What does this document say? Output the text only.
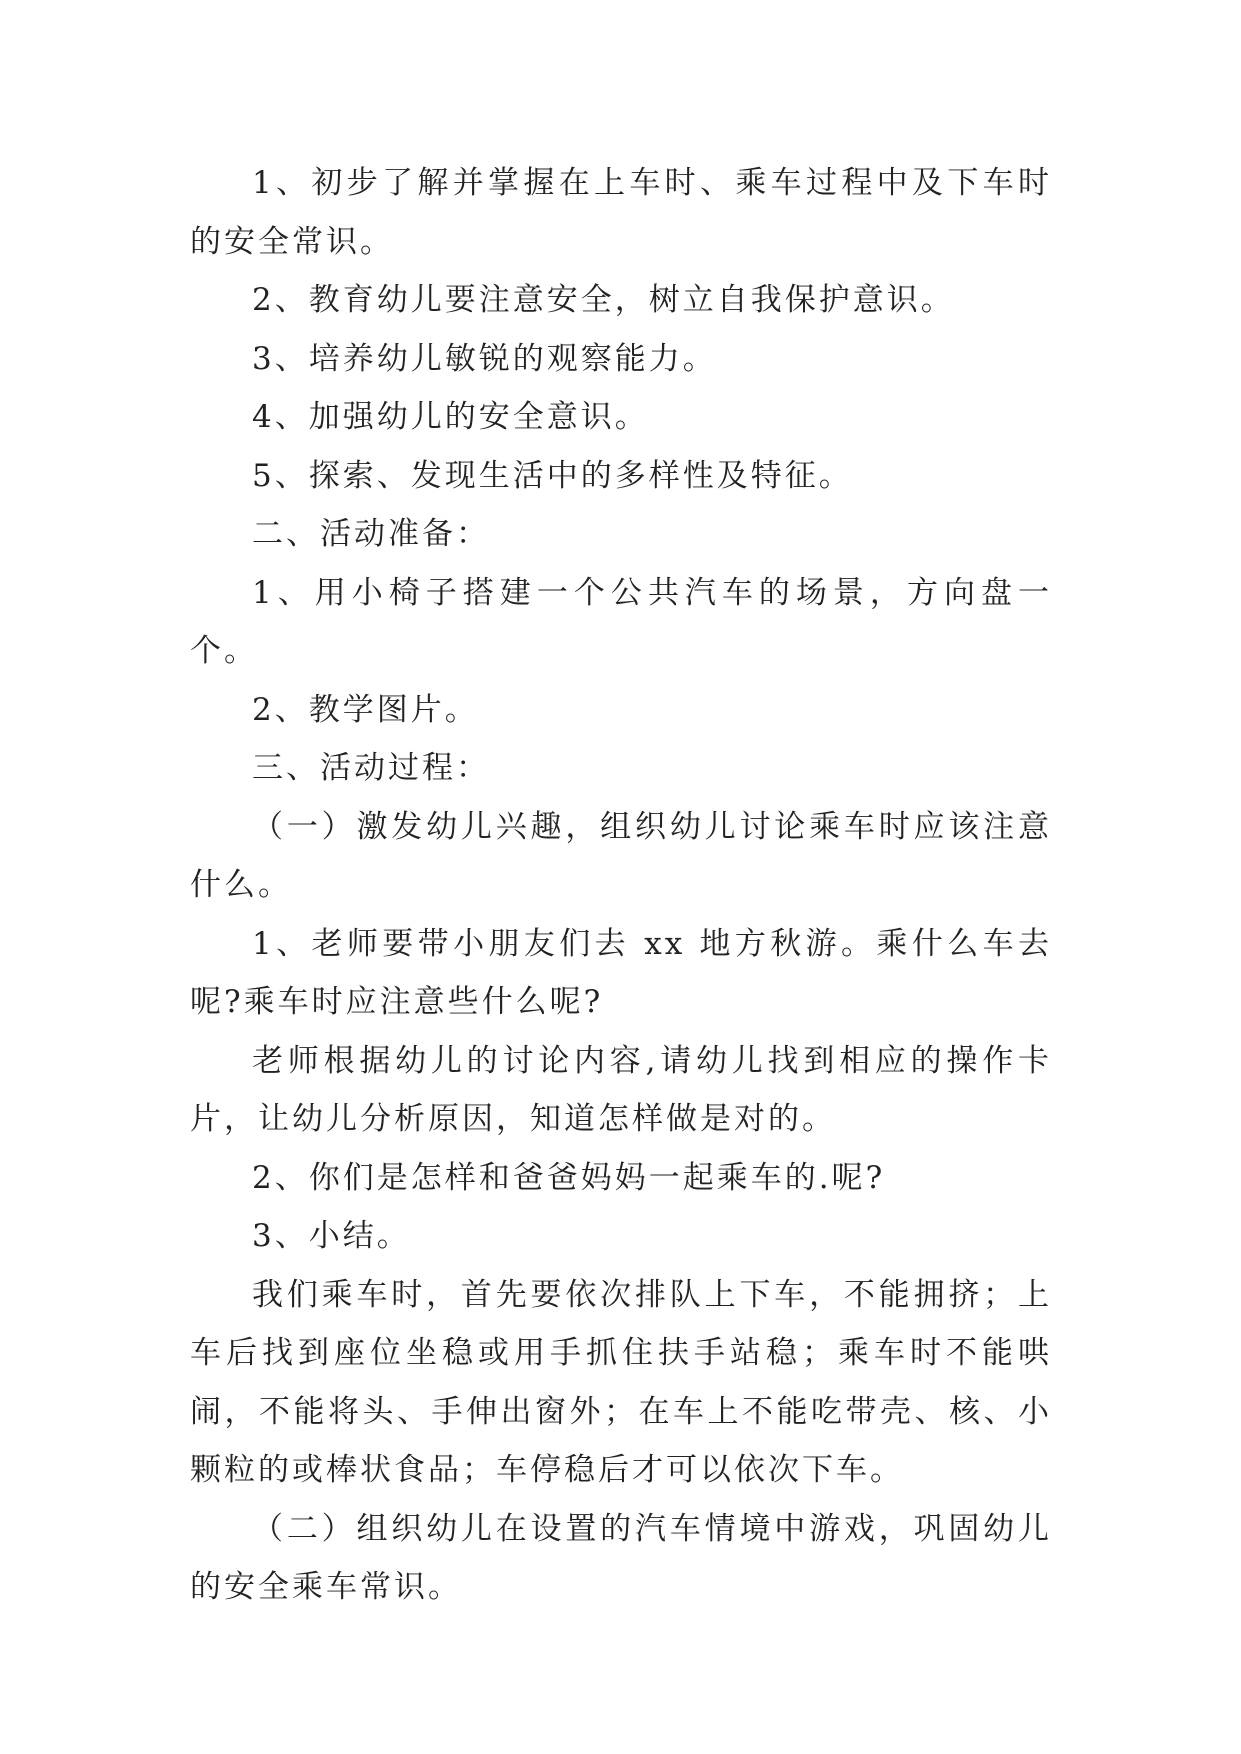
1、初步了解并掌握在上车时、乘车过程中及下车时的安全常识。

2、教育幼儿要注意安全，树立自我保护意识。

3、培养幼儿敏锐的观察能力。

4、加强幼儿的安全意识。

5、探索、发现生活中的多样性及特征。

二、活动准备：

1、用小椅子搭建一个公共汽车的场景，方向盘一个。

2、教学图片。

三、活动过程：

（一）激发幼儿兴趣，组织幼儿讨论乘车时应该注意什么。

1、老师要带小朋友们去 xx 地方秋游。乘什么车去呢?乘车时应注意些什么呢?

老师根据幼儿的讨论内容,请幼儿找到相应的操作卡片，让幼儿分析原因，知道怎样做是对的。

2、你们是怎样和爸爸妈妈一起乘车的.呢?

3、小结。

我们乘车时，首先要依次排队上下车，不能拥挤；上车后找到座位坐稳或用手抓住扶手站稳；乘车时不能哄闹，不能将头、手伸出窗外；在车上不能吃带壳、核、小颗粒的或棒状食品；车停稳后才可以依次下车。

（二）组织幼儿在设置的汽车情境中游戏，巩固幼儿的安全乘车常识。
